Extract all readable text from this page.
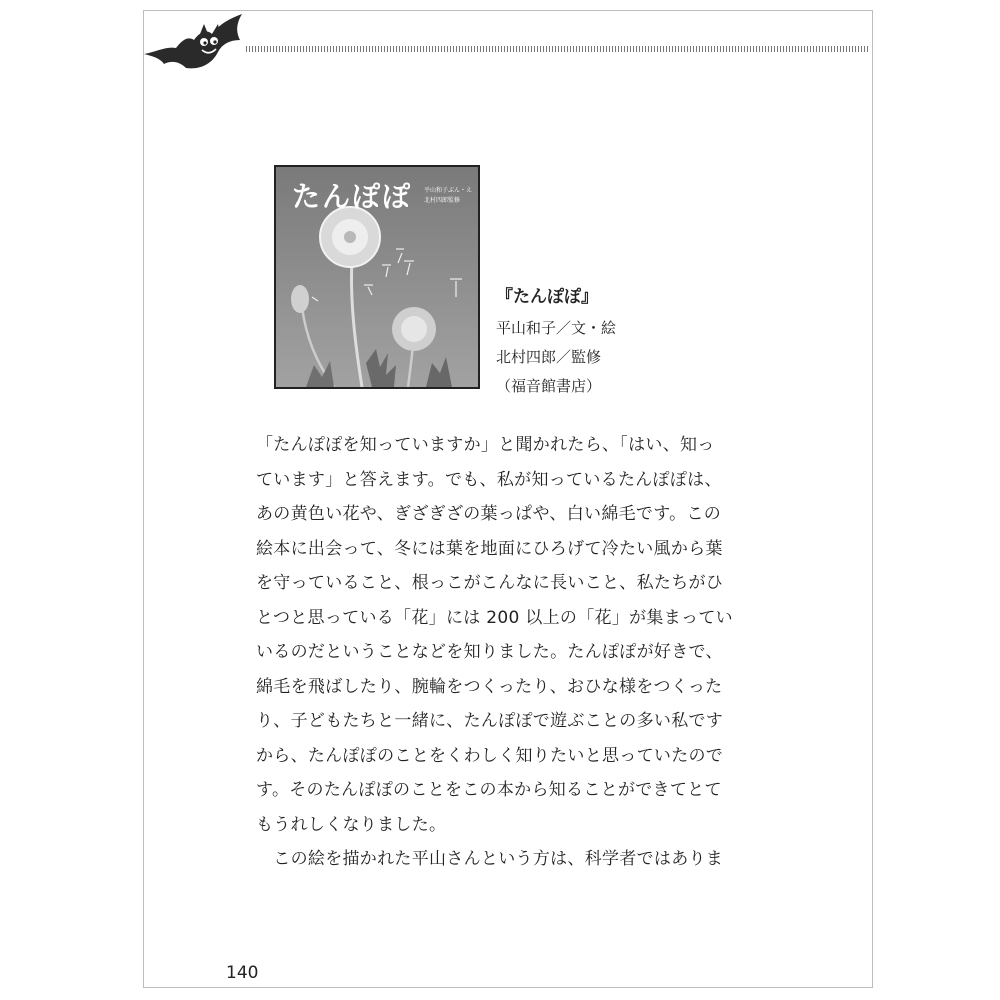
たんぽぽ 平山和子ぶん・え
北村四郎監修
『たんぽぽ』
平山和子／文・絵
北村四郎／監修
（福音館書店）
「たんぽぽを知っていますか」と聞かれたら、「はい、知っ
ています」と答えます。でも、私が知っているたんぽぽは、
あの黄色い花や、ぎざぎざの葉っぱや、白い綿毛です。この
絵本に出会って、冬には葉を地面にひろげて冷たい風から葉
を守っていること、根っこがこんなに長いこと、私たちがひ
とつと思っている「花」には 200 以上の「花」が集まってい
いるのだということなどを知りました。たんぽぽが好きで、
綿毛を飛ばしたり、腕輪をつくったり、おひな様をつくった
り、子どもたちと一緒に、たんぽぽで遊ぶことの多い私です
から、たんぽぽのことをくわしく知りたいと思っていたので
す。そのたんぽぽのことをこの本から知ることができてとて
もうれしくなりました。
　この絵を描かれた平山さんという方は、科学者ではありま
140
